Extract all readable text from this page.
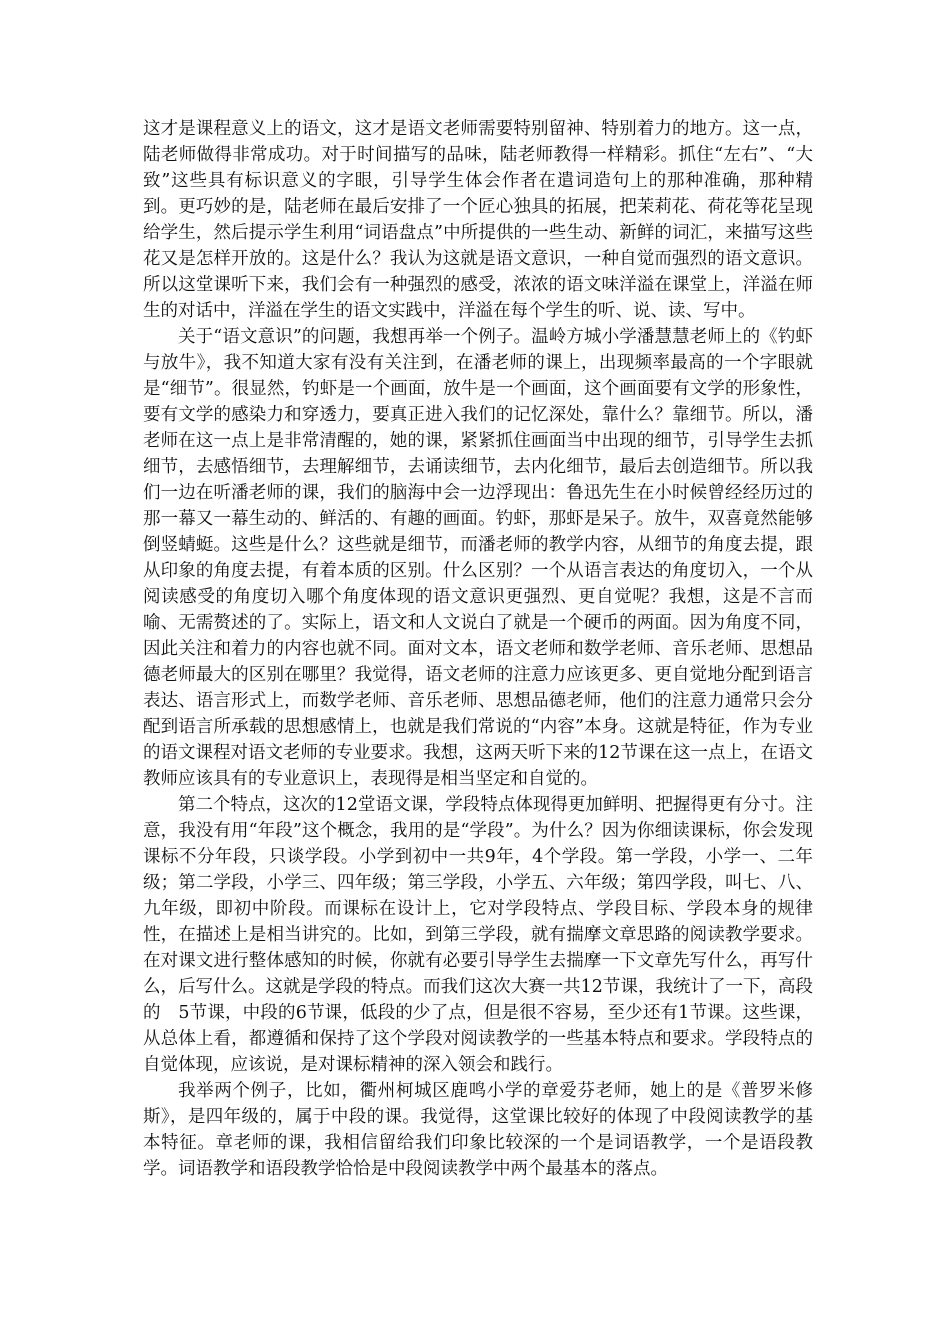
这才是课程意义上的语文，这才是语文老师需要特别留神、特别着力的地方。这一点，陆老师做得非常成功。对于时间描写的品味，陆老师教得一样精彩。抓住“左右”、“大致”这些具有标识意义的字眼，引导学生体会作者在遣词造句上的那种准确，那种精到。更巧妙的是，陆老师在最后安排了一个匠心独具的拓展，把茉莉花、荷花等花呈现给学生，然后提示学生利用“词语盘点”中所提供的一些生动、新鲜的词汇，来描写这些花又是怎样开放的。这是什么？我认为这就是语文意识，一种自觉而强烈的语文意识。所以这堂课听下来，我们会有一种强烈的感受，浓浓的语文味洋溢在课堂上，洋溢在师生的对话中，洋溢在学生的语文实践中，洋溢在每个学生的听、说、读、写中。

关于“语文意识”的问题，我想再举一个例子。温岭方城小学潘慧慧老师上的《钓虾与放牛》，我不知道大家有没有关注到，在潘老师的课上，出现频率最高的一个字眼就是“细节”。很显然，钓虾是一个画面，放牛是一个画面，这个画面要有文学的形象性，要有文学的感染力和穿透力，要真正进入我们的记忆深处，靠什么？靠细节。所以，潘老师在这一点上是非常清醒的，她的课，紧紧抓住画面当中出现的细节，引导学生去抓细节，去感悟细节，去理解细节，去诵读细节，去内化细节，最后去创造细节。所以我们一边在听潘老师的课，我们的脑海中会一边浮现出：鲁迅先生在小时候曾经经历过的那一幕又一幕生动的、鲜活的、有趣的画面。钓虾，那虾是呆子。放牛，双喜竟然能够倒竖蜻蜓。这些是什么？这些就是细节，而潘老师的教学内容，从细节的角度去提，跟从印象的角度去提，有着本质的区别。什么区别？一个从语言表达的角度切入，一个从阅读感受的角度切入哪个角度体现的语文意识更强烈、更自觉呢？我想，这是不言而喻、无需赘述的了。实际上，语文和人文说白了就是一个硬币的两面。因为角度不同，因此关注和着力的内容也就不同。面对文本，语文老师和数学老师、音乐老师、思想品德老师最大的区别在哪里？我觉得，语文老师的注意力应该更多、更自觉地分配到语言表达、语言形式上，而数学老师、音乐老师、思想品德老师，他们的注意力通常只会分配到语言所承载的思想感情上，也就是我们常说的“内容”本身。这就是特征，作为专业的语文课程对语文老师的专业要求。我想，这两天听下来的12节课在这一点上，在语文教师应该具有的专业意识上，表现得是相当坚定和自觉的。

第二个特点，这次的12堂语文课，学段特点体现得更加鲜明、把握得更有分寸。注意，我没有用“年段”这个概念，我用的是“学段”。为什么？因为你细读课标，你会发现课标不分年段，只谈学段。小学到初中一共9年，4个学段。第一学段，小学一、二年级；第二学段，小学三、四年级；第三学段，小学五、六年级；第四学段，叫七、八、九年级，即初中阶段。而课标在设计上，它对学段特点、学段目标、学段本身的规律性，在描述上是相当讲究的。比如，到第三学段，就有揣摩文章思路的阅读教学要求。在对课文进行整体感知的时候，你就有必要引导学生去揣摩一下文章先写什么，再写什么，后写什么。这就是学段的特点。而我们这次大赛一共12节课，我统计了一下，高段的　5节课，中段的6节课，低段的少了点，但是很不容易，至少还有1节课。这些课，从总体上看，都遵循和保持了这个学段对阅读教学的一些基本特点和要求。学段特点的自觉体现，应该说，是对课标精神的深入领会和践行。

我举两个例子，比如，衢州柯城区鹿鸣小学的章爱芬老师，她上的是《普罗米修斯》，是四年级的，属于中段的课。我觉得，这堂课比较好的体现了中段阅读教学的基本特征。章老师的课，我相信留给我们印象比较深的一个是词语教学，一个是语段教学。词语教学和语段教学恰恰是中段阅读教学中两个最基本的落点。
